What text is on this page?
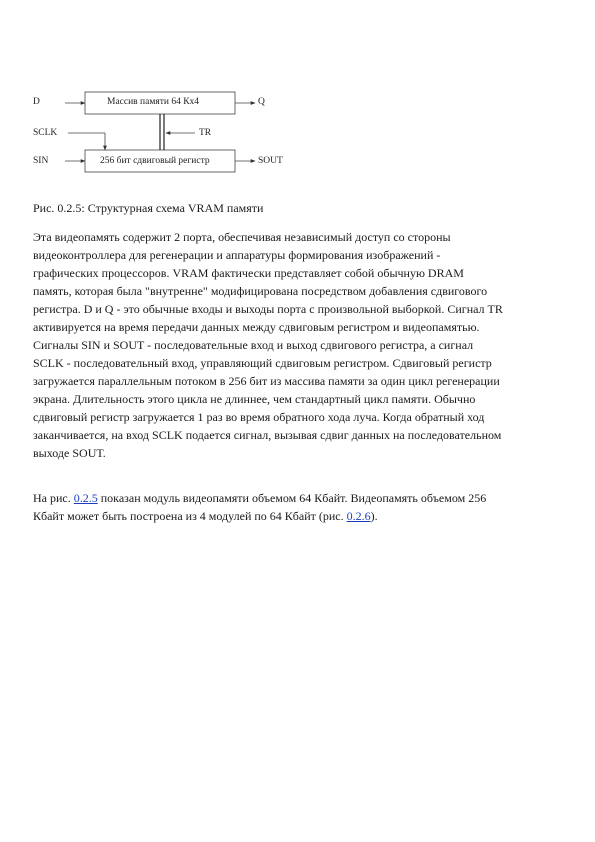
D	Q
Массив памяти 64 Кx4
SCLK	TR
SIN	256 бит сдвиговый регистр	SOUT
Рис. 0.2.5: Структурная схема VRAM памяти

Эта видеопамять содержит 2 порта, обеспечивая независимый доступ со стороны
видеоконтроллера для регенерации и аппаратуры формирования изображений -
графических процессоров. VRAM фактически представляет собой обычную DRAM
память, которая была "внутренне" модифицирована посредством добавления сдвигового
регистра. D и Q - это обычные входы и выходы порта с произвольной выборкой. Сигнал TR
активируется на время передачи данных между сдвиговым регистром и видеопамятью.
Сигналы SIN и SOUT - последовательные вход и выход сдвигового регистра, а сигнал
SCLK - последовательный вход, управляющий сдвиговым регистром. Сдвиговый регистр
загружается параллельным потоком в 256 бит из массива памяти за один цикл регенерации
экрана. Длительность этого цикла не длиннее, чем стандартный цикл памяти. Обычно
сдвиговый регистр загружается 1 раз во время обратного хода луча. Когда обратный ход
заканчивается, на вход SCLK подается сигнал, вызывая сдвиг данных на последовательном
выходе SOUT.

На рис. 0.2.5 показан модуль видеопамяти объемом 64 Кбайт. Видеопамять объемом 256
Кбайт может быть построена из 4 модулей по 64 Кбайт (рис. 0.2.6).
